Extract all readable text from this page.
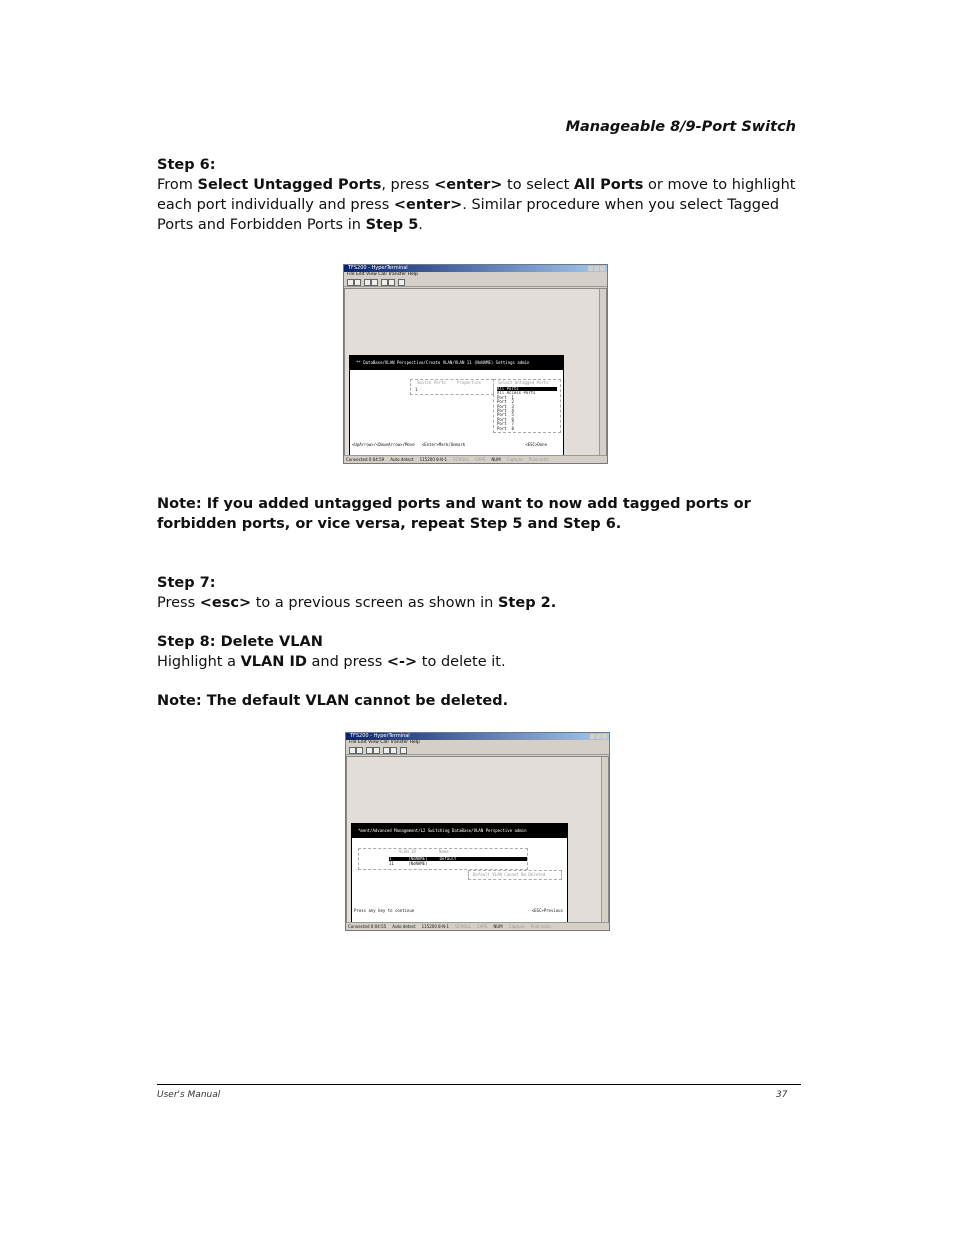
Manageable 8/9-Port Switch
Step 6:
From Select Untagged Ports, press <enter> to select All Ports or move to highlight each port individually and press <enter>. Similar procedure when you select Tagged Ports and Forbidden Ports in Step 5.
TFS200 - HyperTerminal
File Edit View Call Transfer Help
** DataBase/VLAN Perspective/Create VLAN/VLAN 11 (NoNAME) Settings admin
Switch Ports	Properties
1
Select Untagged Ports
All Ports
All Access Ports
Port  1
Port  2
Port  3
Port  4
Port  5
Port  6
Port  7
Port  8
<UpArrow>/<DownArrow>/Move   <Enter>Mark/Unmark	<ESC>Done
Connected 0:04:59 Auto detect 115200 8-N-1 SCROLL CAPS NUM Capture Print echo
Note: If you added untagged ports and want to now add tagged ports or forbidden ports, or vice versa, repeat Step 5 and Step 6.
Step 7:
Press <esc> to a previous screen as shown in Step 2.
Step 8: Delete VLAN
Highlight a VLAN ID and press <-> to delete it.
Note: The default VLAN cannot be deleted.
TFS200 - HyperTerminal
File Edit View Call Transfer Help
*ment/Advanced Management/L2 Switching DataBase/VLAN Perspective admin
VLAN ID	Name
1       (NoNAME)     Default
11      (NoNAME)
Default VLAN Cannot Be Deleted
Press any key to continue	<ESC>Previous
Connected 0:04:55 Auto detect 115200 8-N-1 SCROLL CAPS NUM Capture Print echo
User's Manual	37
